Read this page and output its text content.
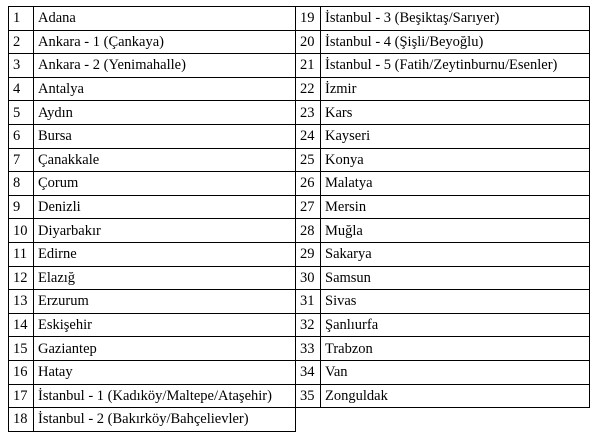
1	Adana	19	İstanbul - 3 (Beşiktaş/Sarıyer)
2	Ankara - 1 (Çankaya)	20	İstanbul - 4 (Şişli/Beyoğlu)
3	Ankara - 2 (Yenimahalle)	21	İstanbul - 5 (Fatih/Zeytinburnu/Esenler)
4	Antalya	22	İzmir
5	Aydın	23	Kars
6	Bursa	24	Kayseri
7	Çanakkale	25	Konya
8	Çorum	26	Malatya
9	Denizli	27	Mersin
10	Diyarbakır	28	Muğla
11	Edirne	29	Sakarya
12	Elazığ	30	Samsun
13	Erzurum	31	Sivas
14	Eskişehir	32	Şanlıurfa
15	Gaziantep	33	Trabzon
16	Hatay	34	Van
17	İstanbul - 1 (Kadıköy/Maltepe/Ataşehir)	35	Zonguldak
18	İstanbul - 2 (Bakırköy/Bahçelievler)		
